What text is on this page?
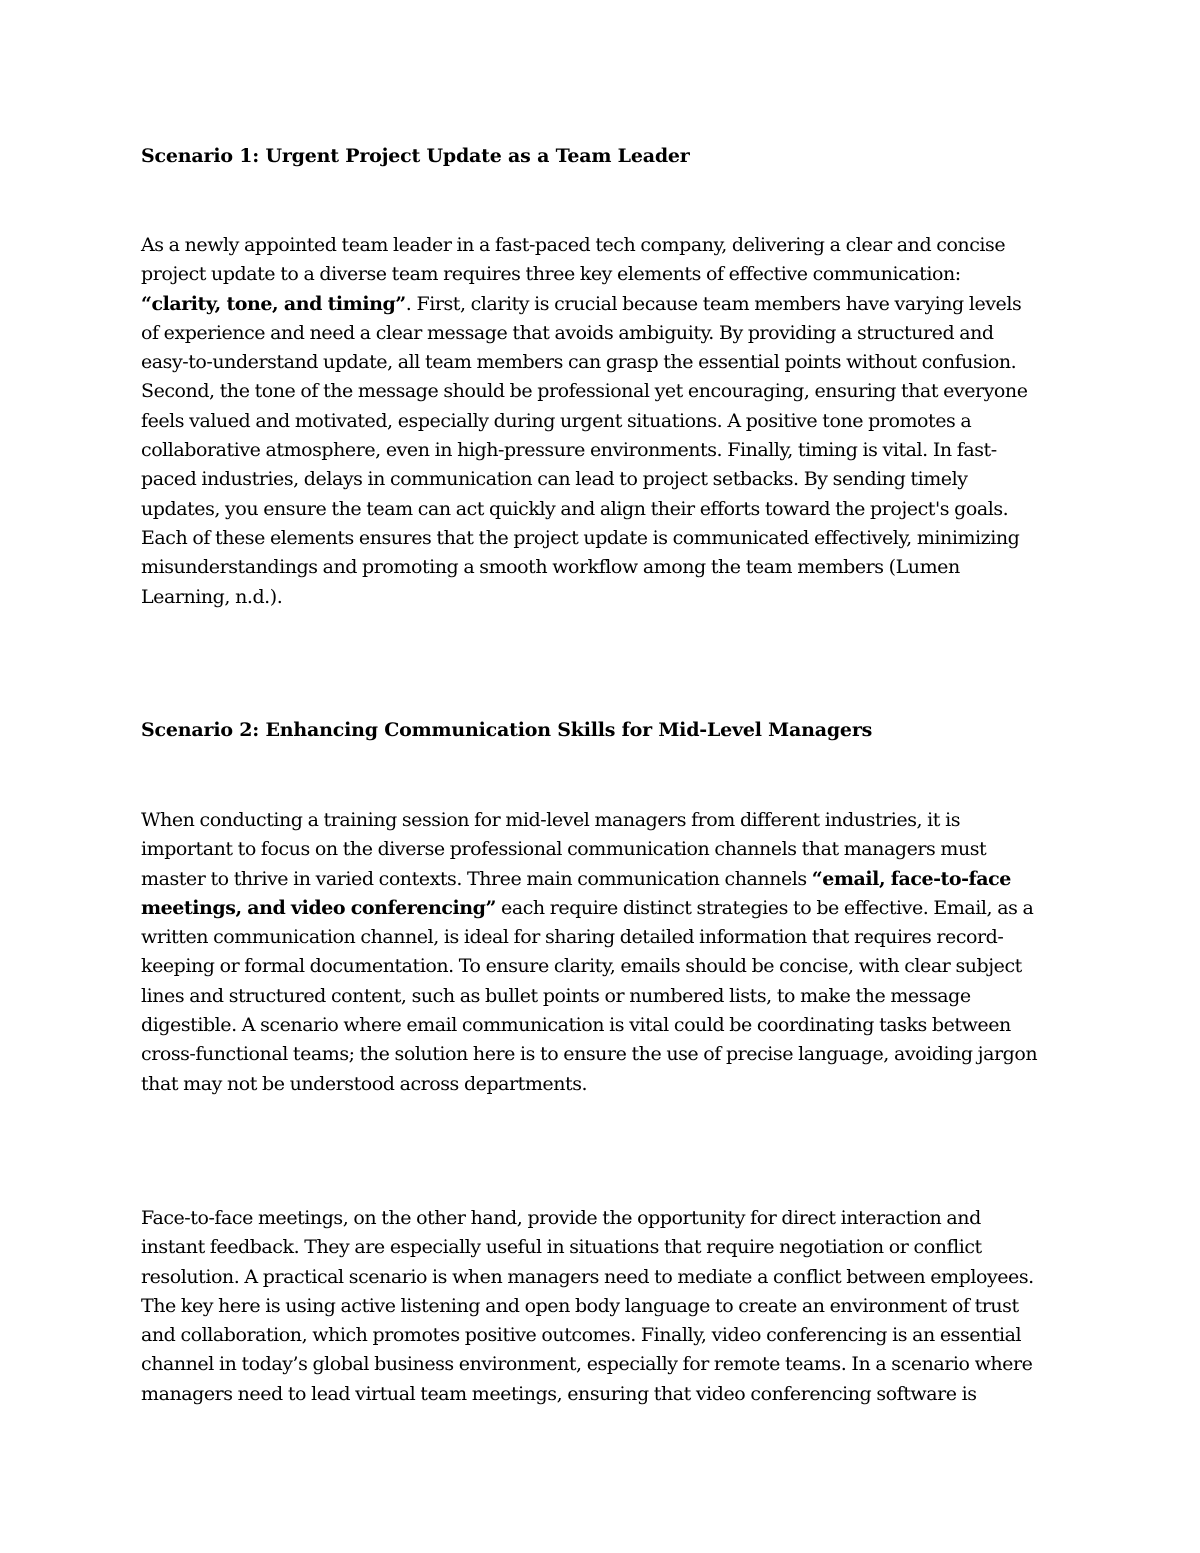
Scenario 1: Urgent Project Update as a Team Leader
As a newly appointed team leader in a fast-paced tech company, delivering a clear and concise
project update to a diverse team requires three key elements of effective communication:
“clarity, tone, and timing”. First, clarity is crucial because team members have varying levels
of experience and need a clear message that avoids ambiguity. By providing a structured and
easy-to-understand update, all team members can grasp the essential points without confusion.
Second, the tone of the message should be professional yet encouraging, ensuring that everyone
feels valued and motivated, especially during urgent situations. A positive tone promotes a
collaborative atmosphere, even in high-pressure environments. Finally, timing is vital. In fast-
paced industries, delays in communication can lead to project setbacks. By sending timely
updates, you ensure the team can act quickly and align their efforts toward the project's goals.
Each of these elements ensures that the project update is communicated effectively, minimizing
misunderstandings and promoting a smooth workflow among the team members (Lumen
Learning, n.d.).
Scenario 2: Enhancing Communication Skills for Mid-Level Managers
When conducting a training session for mid-level managers from different industries, it is
important to focus on the diverse professional communication channels that managers must
master to thrive in varied contexts. Three main communication channels “email, face-to-face
meetings, and video conferencing” each require distinct strategies to be effective. Email, as a
written communication channel, is ideal for sharing detailed information that requires record-
keeping or formal documentation. To ensure clarity, emails should be concise, with clear subject
lines and structured content, such as bullet points or numbered lists, to make the message
digestible. A scenario where email communication is vital could be coordinating tasks between
cross-functional teams; the solution here is to ensure the use of precise language, avoiding jargon
that may not be understood across departments.
Face-to-face meetings, on the other hand, provide the opportunity for direct interaction and
instant feedback. They are especially useful in situations that require negotiation or conflict
resolution. A practical scenario is when managers need to mediate a conflict between employees.
The key here is using active listening and open body language to create an environment of trust
and collaboration, which promotes positive outcomes. Finally, video conferencing is an essential
channel in today’s global business environment, especially for remote teams. In a scenario where
managers need to lead virtual team meetings, ensuring that video conferencing software is
